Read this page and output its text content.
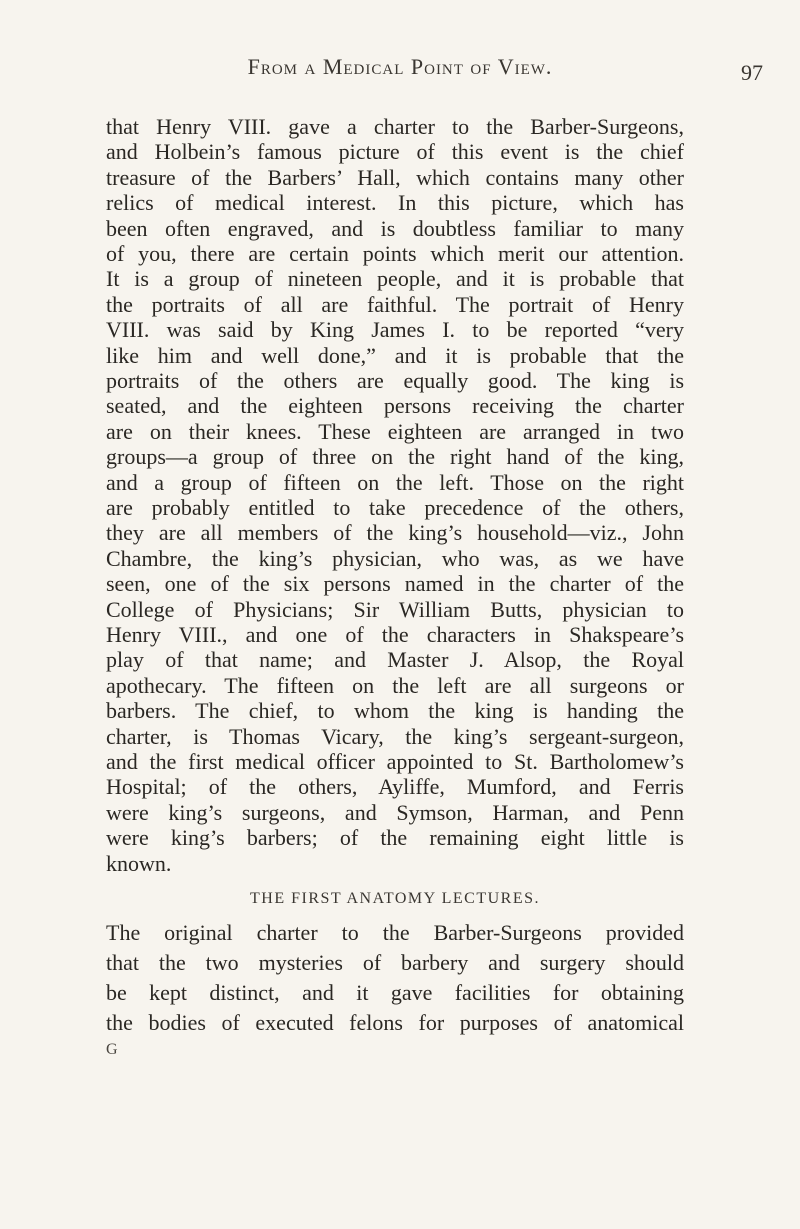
From a Medical Point of View.	97

that Henry VIII. gave a charter to the Barber-Surgeons,

and Holbein’s famous picture of this event is the chief

treasure of the Barbers’ Hall, which contains many other

relics of medical interest. In this picture, which has

been often engraved, and is doubtless familiar to many

of you, there are certain points which merit our attention.

It is a group of nineteen people, and it is probable that

the portraits of all are faithful. The portrait of Henry

VIII. was said by King James I. to be reported “very

like him and well done,” and it is probable that the

portraits of the others are equally good. The king is

seated, and the eighteen persons receiving the charter

are on their knees. These eighteen are arranged in two

groups—a group of three on the right hand of the king,

and a group of fifteen on the left. Those on the right

are probably entitled to take precedence of the others,

they are all members of the king’s household—viz., John

Chambre, the king’s physician, who was, as we have

seen, one of the six persons named in the charter of the

College of Physicians; Sir William Butts, physician to

Henry VIII., and one of the characters in Shakspeare’s

play of that name; and Master J. Alsop, the Royal

apothecary. The fifteen on the left are all surgeons or

barbers. The chief, to whom the king is handing the

charter, is Thomas Vicary, the king’s sergeant-surgeon,

and the first medical officer appointed to St. Bartholomew’s

Hospital; of the others, Ayliffe, Mumford, and Ferris

were king’s surgeons, and Symson, Harman, and Penn

were king’s barbers; of the remaining eight little is

known.

THE FIRST ANATOMY LECTURES.

The original charter to the Barber-Surgeons provided

that the two mysteries of barbery and surgery should

be kept distinct, and it gave facilities for obtaining

the bodies of executed felons for purposes of anatomical

G
